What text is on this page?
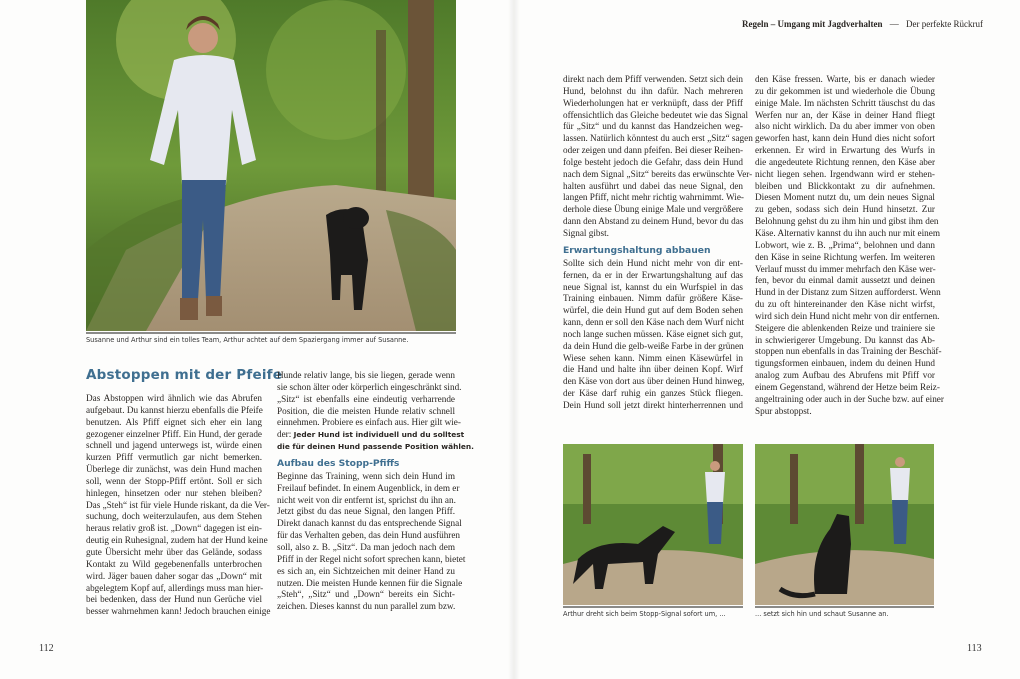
Regeln – Umgang mit Jagdverhalten — Der perfekte Rückruf
Susanne und Arthur sind ein tolles Team, Arthur achtet auf dem Spaziergang immer auf Susanne.
Abstoppen mit der Pfeife
Das Abstoppen wird ähnlich wie das Abrufen
aufgebaut. Du kannst hierzu ebenfalls die Pfeife
benutzen. Als Pfiff eignet sich eher ein lang
gezogener einzelner Pfiff. Ein Hund, der gerade
schnell und jagend unterwegs ist, würde einen
kurzen Pfiff vermutlich gar nicht bemerken.
Überlege dir zunächst, was dein Hund machen
soll, wenn der Stopp-Pfiff ertönt. Soll er sich
hinlegen, hinsetzen oder nur stehen bleiben?
Das „Steh“ ist für viele Hunde riskant, da die Ver-
suchung, doch weiterzulaufen, aus dem Stehen
heraus relativ groß ist. „Down“ dagegen ist ein-
deutig ein Ruhesignal, zudem hat der Hund keine
gute Übersicht mehr über das Gelände, sodass
Kontakt zu Wild gegebenenfalls unterbrochen
wird. Jäger bauen daher sogar das „Down“ mit
abgelegtem Kopf auf, allerdings muss man hier-
bei bedenken, dass der Hund nun Gerüche viel
besser wahrnehmen kann! Jedoch brauchen einige
Hunde relativ lange, bis sie liegen, gerade wenn
sie schon älter oder körperlich eingeschränkt sind.
„Sitz“ ist ebenfalls eine eindeutig verharrende
Position, die die meisten Hunde relativ schnell
einnehmen. Probiere es einfach aus. Hier gilt wie-
der: Jeder Hund ist individuell und du solltest
die für deinen Hund passende Position wählen.
Aufbau des Stopp-Pfiffs
Beginne das Training, wenn sich dein Hund im
Freilauf befindet. In einem Augenblick, in dem er
nicht weit von dir entfernt ist, sprichst du ihn an.
Jetzt gibst du das neue Signal, den langen Pfiff.
Direkt danach kannst du das entsprechende Signal
für das Verhalten geben, das dein Hund ausführen
soll, also z. B. „Sitz“. Da man jedoch nach dem
Pfiff in der Regel nicht sofort sprechen kann, bietet
es sich an, ein Sichtzeichen mit deiner Hand zu
nutzen. Die meisten Hunde kennen für die Signale
„Steh“, „Sitz“ und „Down“ bereits ein Sicht-
zeichen. Dieses kannst du nun parallel zum bzw.
direkt nach dem Pfiff verwenden. Setzt sich dein
Hund, belohnst du ihn dafür. Nach mehreren
Wiederholungen hat er verknüpft, dass der Pfiff
offensichtlich das Gleiche bedeutet wie das Signal
für „Sitz“ und du kannst das Handzeichen weg-
lassen. Natürlich könntest du auch erst „Sitz“ sagen
oder zeigen und dann pfeifen. Bei dieser Reihen-
folge besteht jedoch die Gefahr, dass dein Hund
nach dem Signal „Sitz“ bereits das erwünschte Ver-
halten ausführt und dabei das neue Signal, den
langen Pfiff, nicht mehr richtig wahrnimmt. Wie-
derhole diese Übung einige Male und vergrößere
dann den Abstand zu deinem Hund, bevor du das
Signal gibst.
Erwartungshaltung abbauen
Sollte sich dein Hund nicht mehr von dir ent-
fernen, da er in der Erwartungshaltung auf das
neue Signal ist, kannst du ein Wurfspiel in das
Training einbauen. Nimm dafür größere Käse-
würfel, die dein Hund gut auf dem Boden sehen
kann, denn er soll den Käse nach dem Wurf nicht
noch lange suchen müssen. Käse eignet sich gut,
da dein Hund die gelb-weiße Farbe in der grünen
Wiese sehen kann. Nimm einen Käsewürfel in
die Hand und halte ihn über deinen Kopf. Wirf
den Käse von dort aus über deinen Hund hinweg,
der Käse darf ruhig ein ganzes Stück fliegen.
Dein Hund soll jetzt direkt hinterherrennen und
den Käse fressen. Warte, bis er danach wieder
zu dir gekommen ist und wiederhole die Übung
einige Male. Im nächsten Schritt täuschst du das
Werfen nur an, der Käse in deiner Hand fliegt
also nicht wirklich. Da du aber immer von oben
geworfen hast, kann dein Hund dies nicht sofort
erkennen. Er wird in Erwartung des Wurfs in
die angedeutete Richtung rennen, den Käse aber
nicht liegen sehen. Irgendwann wird er stehen-
bleiben und Blickkontakt zu dir aufnehmen.
Diesen Moment nutzt du, um dein neues Signal
zu geben, sodass sich dein Hund hinsetzt. Zur
Belohnung gehst du zu ihm hin und gibst ihm den
Käse. Alternativ kannst du ihn auch nur mit einem
Lobwort, wie z. B. „Prima“, belohnen und dann
den Käse in seine Richtung werfen. Im weiteren
Verlauf musst du immer mehrfach den Käse wer-
fen, bevor du einmal damit aussetzt und deinen
Hund in der Distanz zum Sitzen aufforderst. Wenn
du zu oft hintereinander den Käse nicht wirfst,
wird sich dein Hund nicht mehr von dir entfernen.
Steigere die ablenkenden Reize und trainiere sie
in schwierigerer Umgebung. Du kannst das Ab-
stoppen nun ebenfalls in das Training der Beschäf-
tigungsformen einbauen, indem du deinen Hund
analog zum Aufbau des Abrufens mit Pfiff vor
einem Gegenstand, während der Hetze beim Reiz-
angeltraining oder auch in der Suche bzw. auf einer
Spur abstoppst.
Arthur dreht sich beim Stopp-Signal sofort um, ...	... setzt sich hin und schaut Susanne an.
112	113
